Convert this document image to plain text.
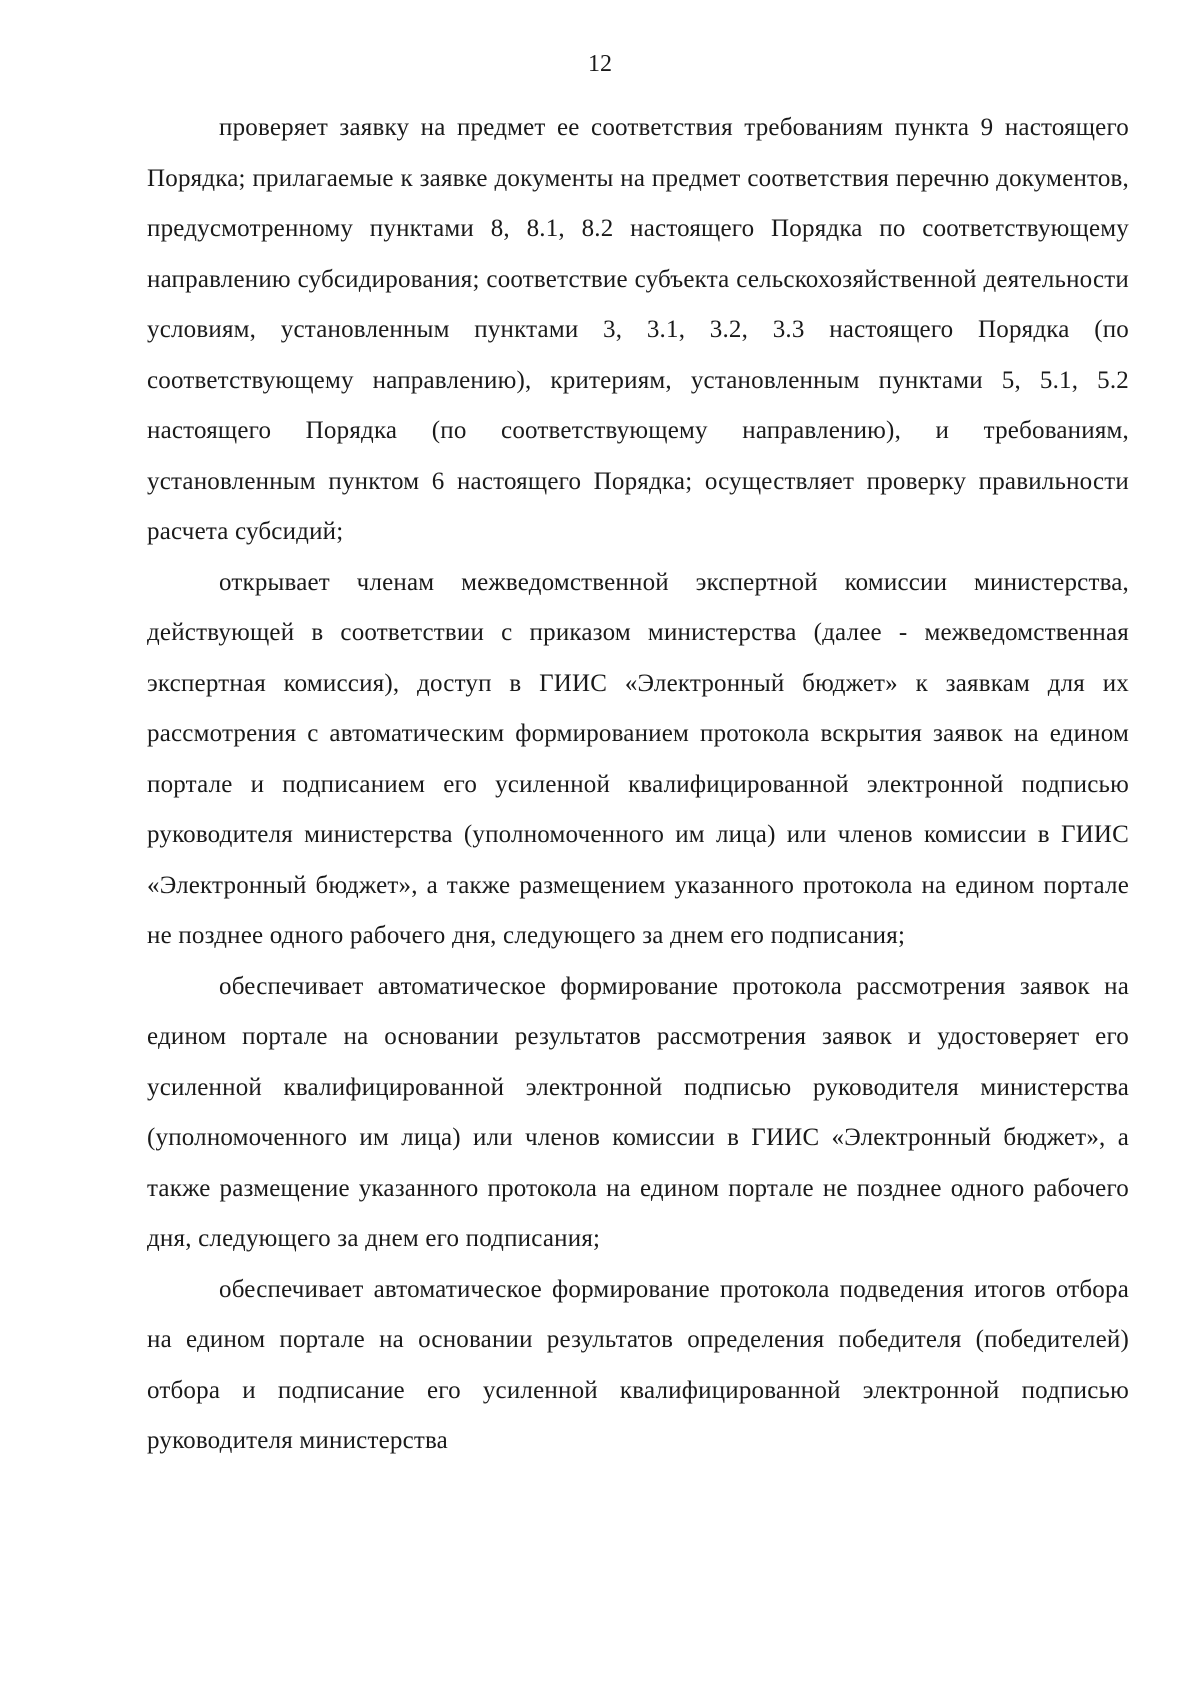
12

проверяет заявку на предмет ее соответствия требованиям пункта 9 настоящего Порядка; прилагаемые к заявке документы на предмет соответствия перечню документов, предусмотренному пунктами 8, 8.1, 8.2 настоящего Порядка по соответствующему направлению субсидирования; соответствие субъекта сельскохозяйственной деятельности условиям, установленным пунктами 3, 3.1, 3.2, 3.3 настоящего Порядка (по соответствующему направлению), критериям, установленным пунктами 5, 5.1, 5.2 настоящего Порядка (по соответствующему направлению), и требованиям, установленным пунктом 6 настоящего Порядка; осуществляет проверку правильности расчета субсидий;

открывает членам межведомственной экспертной комиссии министерства, действующей в соответствии с приказом министерства (далее - межведомственная экспертная комиссия), доступ в ГИИС «Электронный бюджет» к заявкам для их рассмотрения с автоматическим формированием протокола вскрытия заявок на едином портале и подписанием его усиленной квалифицированной электронной подписью руководителя министерства (уполномоченного им лица) или членов комиссии в ГИИС «Электронный бюджет», а также размещением указанного протокола на едином портале не позднее одного рабочего дня, следующего за днем его подписания;

обеспечивает автоматическое формирование протокола рассмотрения заявок на едином портале на основании результатов рассмотрения заявок и удостоверяет его усиленной квалифицированной электронной подписью руководителя министерства (уполномоченного им лица) или членов комиссии в ГИИС «Электронный бюджет», а также размещение указанного протокола на едином портале не позднее одного рабочего дня, следующего за днем его подписания;

обеспечивает автоматическое формирование протокола подведения итогов отбора на едином портале на основании результатов определения победителя (победителей) отбора и подписание его усиленной квалифицированной электронной подписью руководителя министерства
